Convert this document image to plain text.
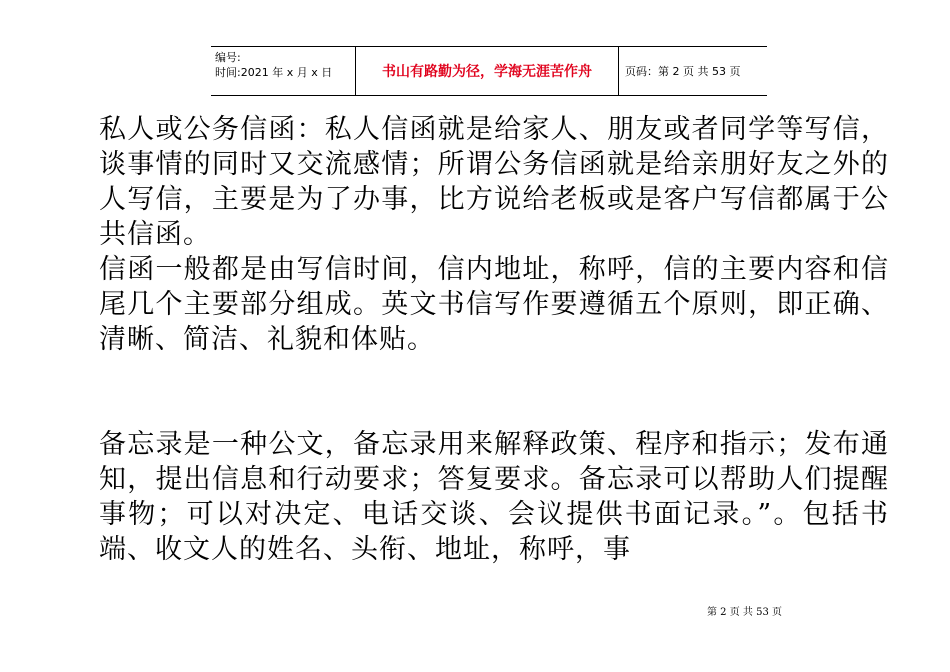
编号:
时间:2021 年 x 月 x 日	书山有路勤为径，学海无涯苦作舟	页码：第 2 页 共 53 页

私人或公务信函：私人信函就是给家人、朋友或者同学等写信，谈事情的同时又交流感情；所谓公务信函就是给亲朋好友之外的人写信，主要是为了办事，比方说给老板或是客户写信都属于公共信函。

信函一般都是由写信时间，信内地址，称呼，信的主要内容和信尾几个主要部分组成。英文书信写作要遵循五个原则，即正确、清晰、简洁、礼貌和体贴。

备忘录是一种公文，备忘录用来解释政策、程序和指示；发布通知，提出信息和行动要求；答复要求。备忘录可以帮助人们提醒事物；可以对决定、电话交谈、会议提供书面记录。”。包括书端、收文人的姓名、头衔、地址，称呼，事

第 2 页 共 53 页
